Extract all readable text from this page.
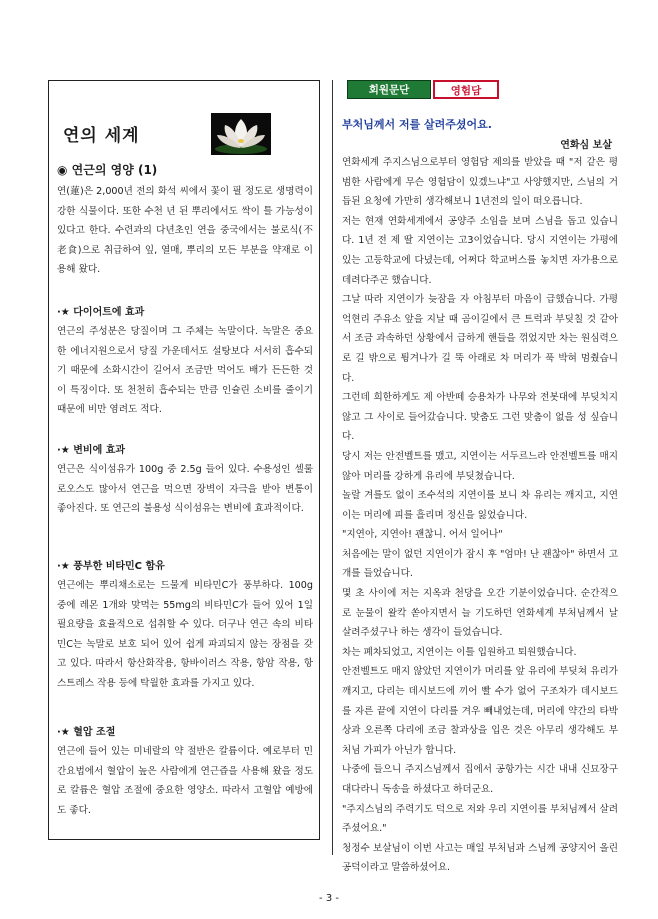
연의 세계
◉ 연근의 영양 (1)
연(蓮)은 2,000년 전의 화석 씨에서 꽃이 필 정도로 생명력이 강한 식물이다. 또한 수천 년 된 뿌리에서도 싹이 틀 가능성이 있다고 한다. 수련과의 다년초인 연을 중국에서는 불로식(不老食)으로 취급하여 잎, 열매, 뿌리의 모든 부분을 약재로 이용해 왔다.
·★ 다이어트에 효과
연근의 주성분은 당질이며 그 주체는 녹말이다. 녹말은 중요한 에너지원으로서 당질 가운데서도 설탕보다 서서히 흡수되기 때문에 소화시간이 길어서 조금만 먹어도 배가 든든한 것이 특징이다. 또 천천히 흡수되는 만큼 인슐린 소비를 줄이기 때문에 비만 염려도 적다.
·★ 변비에 효과
연근은 식이섬유가 100g 중 2.5g 들어 있다. 수용성인 셀룰로오스도 많아서 연근을 먹으면 장벽이 자극을 받아 변통이 좋아진다. 또 연근의 불용성 식이섬유는 변비에 효과적이다.
·★ 풍부한 비타민C 함유
연근에는 뿌리채소로는 드물게 비타민C가 풍부하다. 100g 중에 레몬 1개와 맞먹는 55mg의 비타민C가 들어 있어 1일 필요량을 효율적으로 섭취할 수 있다. 더구나 연근 속의 비타민C는 녹말로 보호 되어 있어 쉽게 파괴되지 않는 장점을 갖고 있다. 따라서 항산화작용, 항바이러스 작용, 항암 작용, 항스트레스 작용 등에 탁월한 효과를 가지고 있다.
·★ 혈압 조절
연근에 들어 있는 미네랄의 약 절반은 칼륨이다. 예로부터 민간요법에서 혈압이 높은 사람에게 연근즙을 사용해 왔을 정도로 칼륨은 혈압 조절에 중요한 영양소. 따라서 고혈압 예방에도 좋다.
회원문단	영험담
부처님께서 저를 살려주셨어요.
연화심 보살

연화세계 주지스님으로부터 영험담 제의를 받았을 때 "저 같은 평범한 사람에게 무슨 영험담이 있겠느냐"고 사양했지만, 스님의 거듭된 요청에 가만히 생각해보니 1년전의 일이 떠오릅니다.

저는 현재 연화세계에서 공양주 소임을 보며 스님을 돕고 있습니다. 1년 전 제 딸 지연이는 고3이었습니다. 당시 지연이는 가평에 있는 고등학교에 다녔는데, 어쩌다 학교버스를 놓치면 자가용으로 데려다주곤 했습니다.

그날 따라 지연이가 늦잠을 자 아침부터 마음이 급했습니다. 가평 억현리 주유소 앞을 지날 때 곰이길에서 큰 트럭과 부딪칠 것 같아서 조금 과속하던 상황에서 급하게 핸들을 꺾었지만 차는 원심력으로 길 밖으로 튕겨나가 길 뚝 아래로 차 머리가 푹 박혀 멈췄습니다.

그런데 희한하게도 제 아반떼 승용차가 나무와 전봇대에 부딪치지 않고 그 사이로 들어갔습니다. 맞춤도 그런 맞춤이 없을 성 싶습니다.

당시 저는 안전벨트를 맸고, 지연이는 서두르느라 안전벨트를 매지 않아 머리를 강하게 유리에 부딪쳤습니다.

놀랄 겨를도 없이 조수석의 지연이를 보니 차 유리는 깨지고, 지연이는 머리에 피를 흘리며 정신을 잃었습니다.

"지연아, 지연아! 괜찮니. 어서 일어나"

처음에는 말이 없던 지연이가 잠시 후 "엄마! 난 괜찮아" 하면서 고개를 들었습니다.

몇 초 사이에 저는 지옥과 천당을 오간 기분이었습니다. 순간적으로 눈물이 왈칵 쏟아지면서 늘 기도하던 연화세계 부처님께서 날 살려주셨구나 하는 생각이 들었습니다.

차는 폐차되었고, 지연이는 이틀 입원하고 퇴원했습니다.

안전벨트도 매지 않았던 지연이가 머리를 앞 유리에 부딪쳐 유리가 깨지고, 다리는 데시보드에 끼어 빨 수가 없어 구조차가 데시보드를 자른 끝에 지연이 다리를 겨우 빼내었는데, 머리에 약간의 타박상과 오른쪽 다리에 조금 찰과상을 입은 것은 아무리 생각해도 부처님 가피가 아닌가 합니다.

나중에 들으니 주지스님께서 집에서 공항가는 시간 내내 신묘장구대다라니 독송을 하셨다고 하더군요.

"주지스님의 주력기도 덕으로 저와 우리 지연이를 부처님께서 살려주셨어요."

청정수 보살님이 이번 사고는 매일 부처님과 스님께 공양지어 올린 공덕이라고 말씀하셨어요.

- 3 -
